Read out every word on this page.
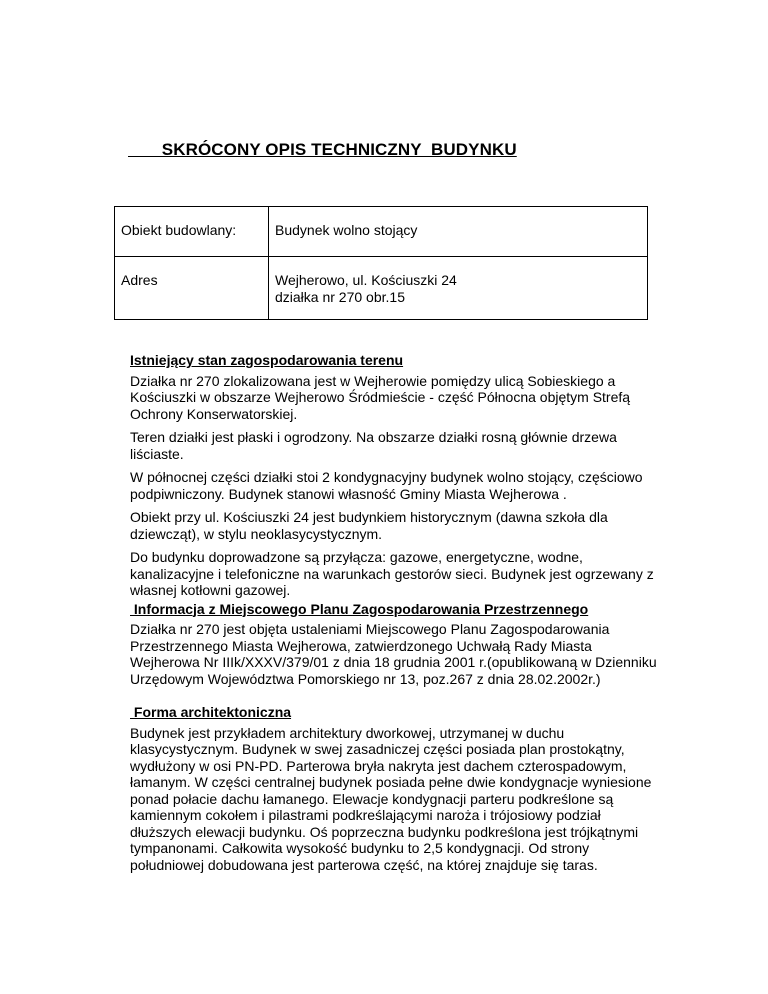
SKRÓCONY OPIS TECHNICZNY  BUDYNKU
Obiekt budowlany:	Budynek wolno stojący

Adres	Wejherowo, ul. Kościuszki 24
działka nr 270 obr.15
Istniejący stan zagospodarowania terenu
Działka nr 270 zlokalizowana jest w Wejherowie pomiędzy ulicą Sobieskiego a
Kościuszki w obszarze Wejherowo Śródmieście - część Północna objętym Strefą
Ochrony Konserwatorskiej.
Teren działki jest płaski i ogrodzony. Na obszarze działki rosną głównie drzewa
liściaste.
W północnej części działki stoi 2 kondygnacyjny budynek wolno stojący, częściowo
podpiwniczony. Budynek stanowi własność Gminy Miasta Wejherowa .
Obiekt przy ul. Kościuszki 24 jest budynkiem historycznym (dawna szkoła dla
dziewcząt), w stylu neoklasycystycznym.
Do budynku doprowadzone są przyłącza: gazowe, energetyczne, wodne,
kanalizacyjne i telefoniczne na warunkach gestorów sieci. Budynek jest ogrzewany z
własnej kotłowni gazowej.
Informacja z Miejscowego Planu Zagospodarowania Przestrzennego
Działka nr 270 jest objęta ustaleniami Miejscowego Planu Zagospodarowania
Przestrzennego Miasta Wejherowa, zatwierdzonego Uchwałą Rady Miasta
Wejherowa Nr IIIk/XXXV/379/01 z dnia 18 grudnia 2001 r.(opublikowaną w Dzienniku
Urzędowym Województwa Pomorskiego nr 13, poz.267 z dnia 28.02.2002r.)
Forma architektoniczna
Budynek jest przykładem architektury dworkowej, utrzymanej w duchu
klasycystycznym. Budynek w swej zasadniczej części posiada plan prostokątny,
wydłużony w osi PN-PD. Parterowa bryła nakryta jest dachem czterospadowym,
łamanym. W części centralnej budynek posiada pełne dwie kondygnacje wyniesione
ponad połacie dachu łamanego. Elewacje kondygnacji parteru podkreślone są
kamiennym cokołem i pilastrami podkreślającymi naroża i trójosiowy podział
dłuższych elewacji budynku. Oś poprzeczna budynku podkreślona jest trójkątnymi
tympanonami. Całkowita wysokość budynku to 2,5 kondygnacji. Od strony
południowej dobudowana jest parterowa część, na której znajduje się taras.
